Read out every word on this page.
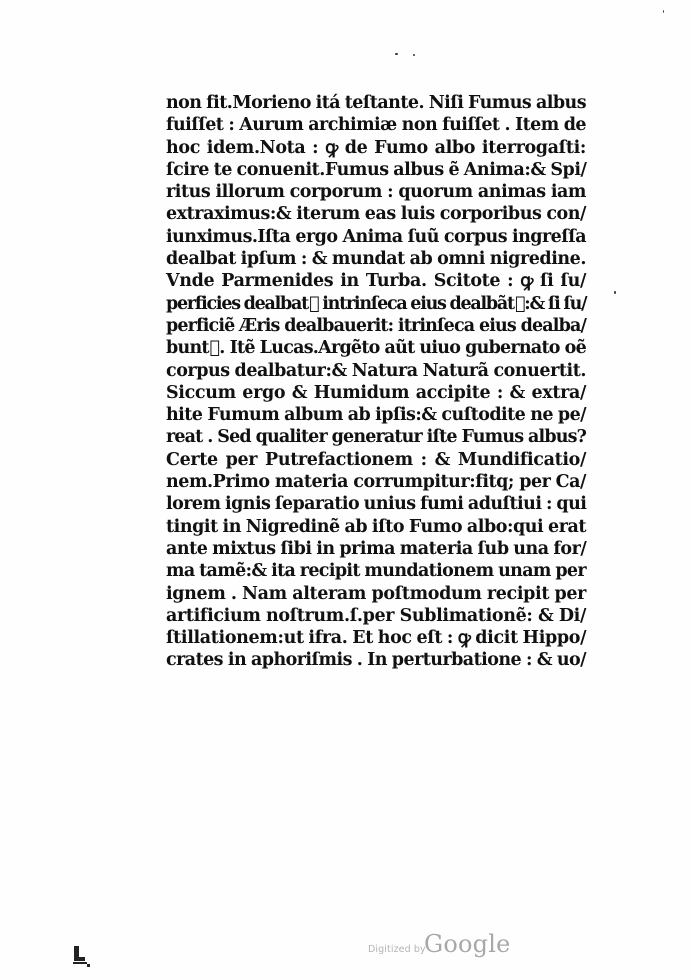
non fit.Morieno itá teſtante. Niſi Fumus albus
fuiſſet : Aurum archimiæ non fuiſſet . Item de
hoc idem.Nota : ꝙ de Fumo albo iterrogaſti:
ſcire te conuenit.Fumus albus ẽ Anima:& Spi/
ritus illorum corporum : quorum animas iam
extraximus:& iterum eas luis corporibus con/
iunximus.Iſta ergo Anima ſuũ corpus ingreſſa
dealbat ipſum : & mundat ab omni nigredine.
Vnde Parmenides in Turba. Scitote : ꝙ ſi ſu/
perficies dealbatᷓ intrinſeca eius dealbãtᷓ:& ſi ſu/
perficiẽ Æris dealbauerit: itrinſeca eius dealba/
buntᷓ. Itẽ Lucas.Argẽto aũt uiuo gubernato oẽ
corpus dealbatur:& Natura Naturã conuertit.
Siccum ergo & Humidum accipite : & extra/
hite Fumum album ab ipſis:& cuſtodite ne pe/
reat . Sed qualiter generatur iſte Fumus albus?
Certe per Putrefactionem : & Mundificatio/
nem.Primo materia corrumpitur:fitq; per Ca/
lorem ignis ſeparatio unius fumi aduſtiui : qui
tingit in Nigredinẽ ab iſto Fumo albo:qui erat
ante mixtus ſibi in prima materia ſub una for/
ma tamẽ:& ita recipit mundationem unam per
ignem . Nam alteram poſtmodum recipit per
artificium noſtrum.ſ.per Sublimationẽ: & Di/
ſtillationem:ut ifra. Et hoc eſt : ꝙ dicit Hippo/
crates in aphoriſmis . In perturbatione : & uo/
Digitized by
Google
